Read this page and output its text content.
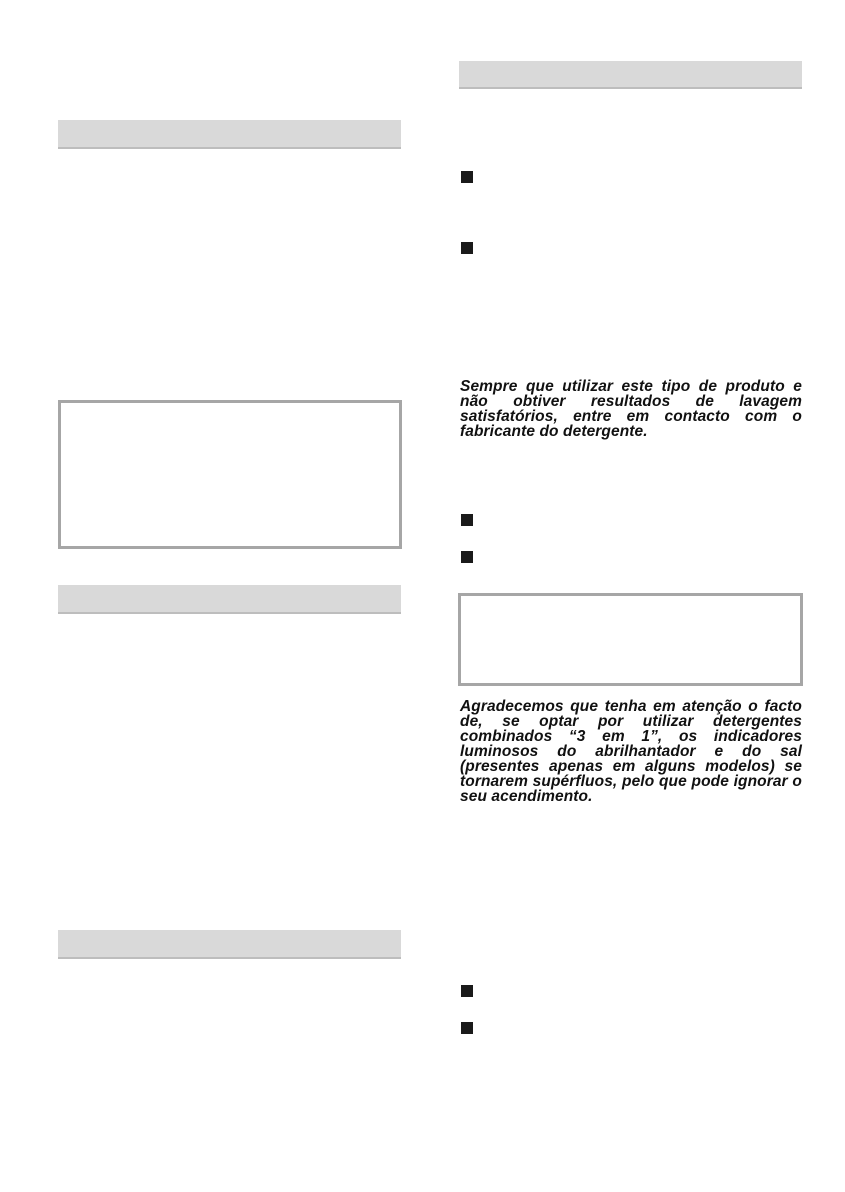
Sempre que utilizar este tipo de produto e não obtiver resultados de lavagem satisfatórios, entre em contacto com o fabricante do detergente.

Agradecemos que tenha em atenção o facto de, se optar por utilizar detergentes combinados “3 em 1”, os indicadores luminosos do abrilhantador e do sal (presentes apenas em alguns modelos) se tornarem supérfluos, pelo que pode ignorar o seu acendimento.
